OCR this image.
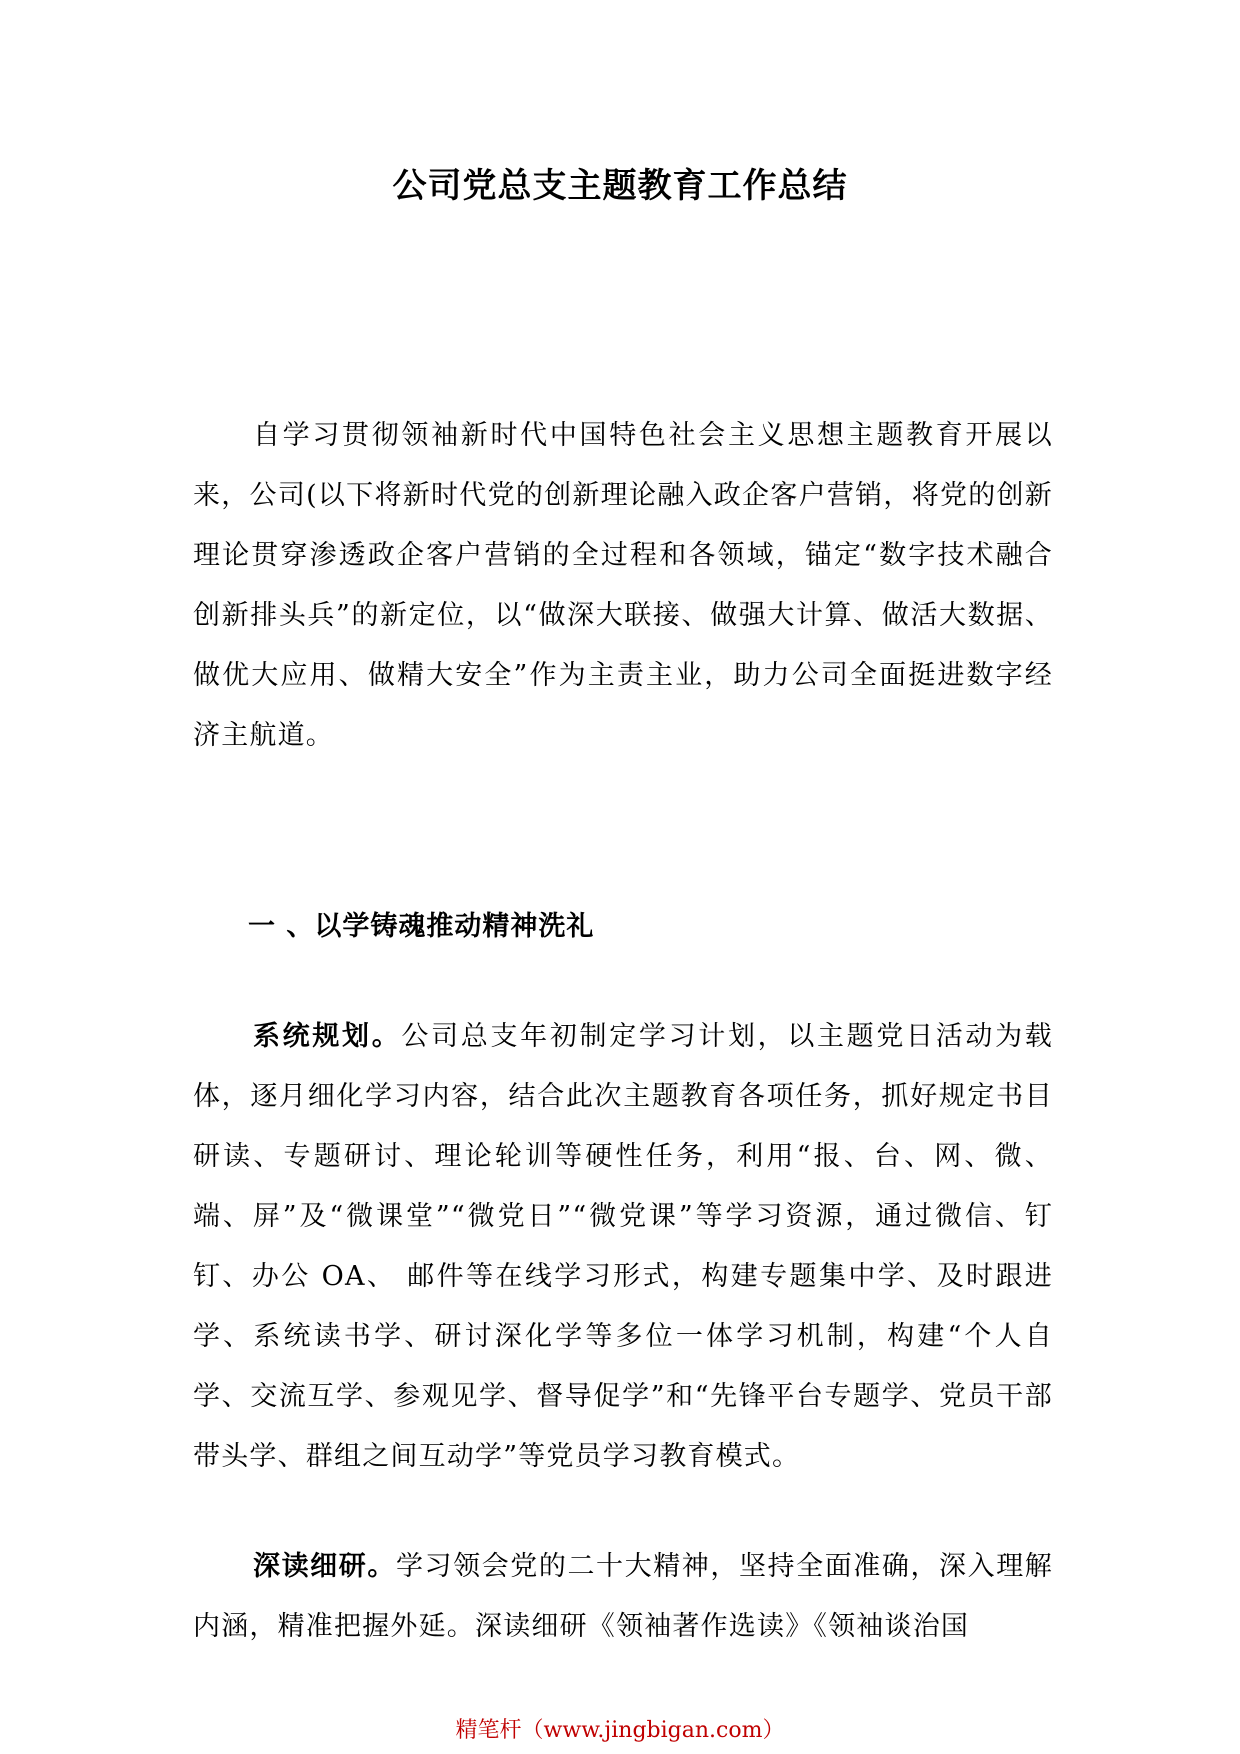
公司党总支主题教育工作总结
自学习贯彻领袖新时代中国特色社会主义思想主题教育开展以来，公司(以下将新时代党的创新理论融入政企客户营销，将党的创新理论贯穿渗透政企客户营销的全过程和各领域，锚定“数字技术融合创新排头兵”的新定位，以“做深大联接、做强大计算、做活大数据、做优大应用、做精大安全”作为主责主业，助力公司全面挺进数字经济主航道。
一 、以学铸魂推动精神洗礼
系统规划。公司总支年初制定学习计划，以主题党日活动为载体，逐月细化学习内容，结合此次主题教育各项任务，抓好规定书目研读、专题研讨、理论轮训等硬性任务，利用“报、台、网、微、端、屏”及“微课堂”“微党日”“微党课”等学习资源，通过微信、钉钉、办公 OA、 邮件等在线学习形式，构建专题集中学、及时跟进学、系统读书学、研讨深化学等多位一体学习机制，构建“个人自学、交流互学、参观见学、督导促学”和“先锋平台专题学、党员干部带头学、群组之间互动学”等党员学习教育模式。
深读细研。学习领会党的二十大精神，坚持全面准确，深入理解内涵，精准把握外延。深读细研《领袖著作选读》《领袖谈治国
精笔杆（www.jingbigan.com）
